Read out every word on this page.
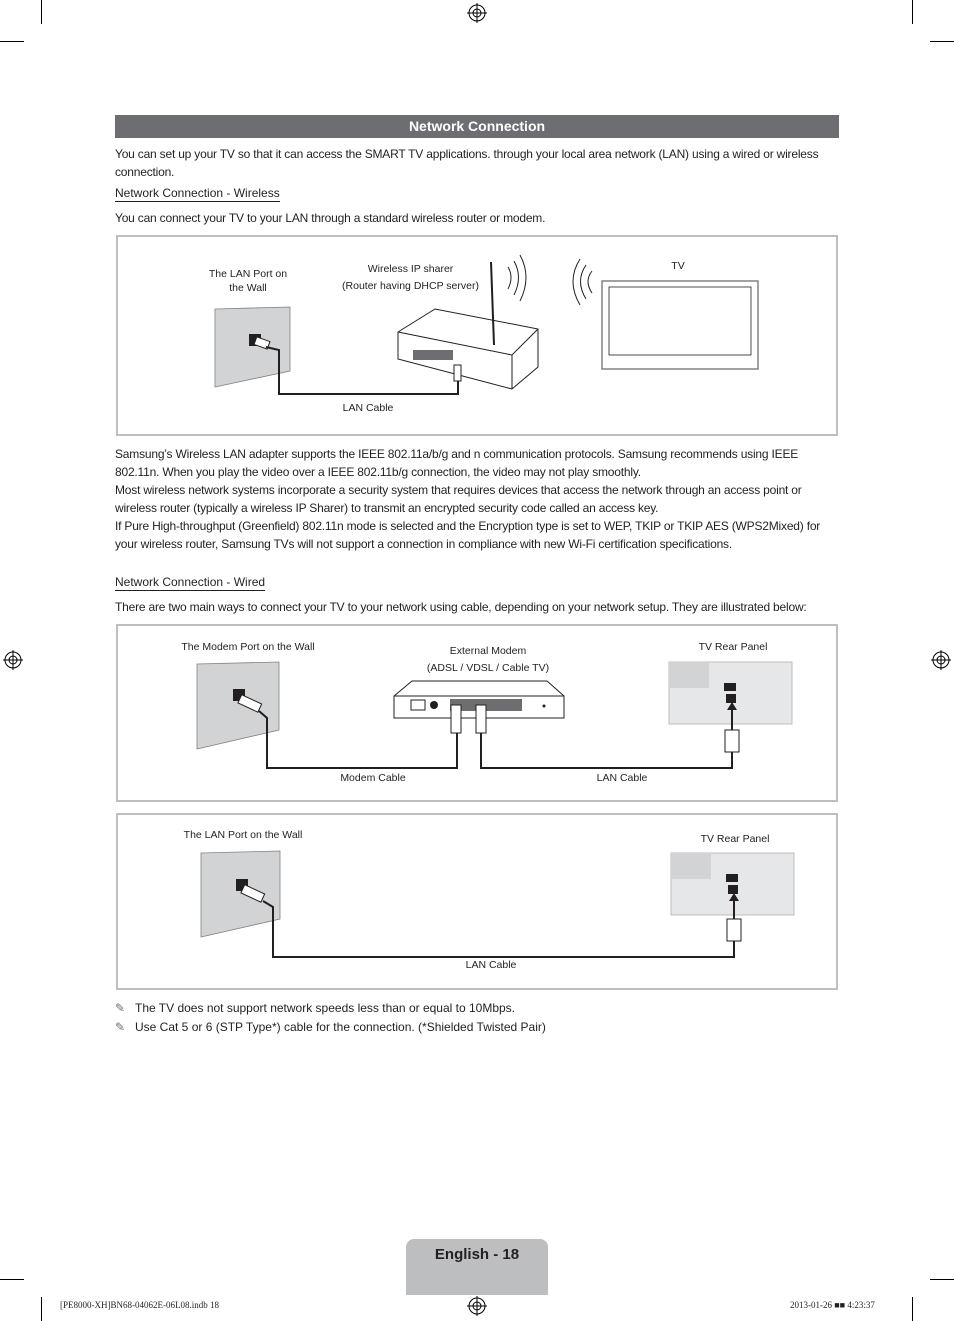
Network Connection
You can set up your TV so that it can access the SMART TV applications. through your local area network (LAN) using a wired or wireless connection.
Network Connection - Wireless
You can connect your TV to your LAN through a standard wireless router or modem.
The LAN Port on
the Wall
Wireless IP sharer
(Router having DHCP server)
TV
LAN Cable
Samsung’s Wireless LAN adapter supports the IEEE 802.11a/b/g and n communication protocols. Samsung recommends using IEEE 802.11n. When you play the video over a IEEE 802.11b/g connection, the video may not play smoothly.
Most wireless network systems incorporate a security system that requires devices that access the network through an access point or wireless router (typically a wireless IP Sharer) to transmit an encrypted security code called an access key.
If Pure High-throughput (Greenfield) 802.11n mode is selected and the Encryption type is set to WEP, TKIP or TKIP AES (WPS2Mixed) for your wireless router, Samsung TVs will not support a connection in compliance with new Wi-Fi certification specifications.
Network Connection - Wired
There are two main ways to connect your TV to your network using cable, depending on your network setup. They are illustrated below:
The Modem Port on the Wall	External Modem
(ADSL / VDSL / Cable TV)
TV Rear Panel
Modem Cable	LAN Cable
The LAN Port on the Wall	TV Rear Panel
LAN Cable
✎ The TV does not support network speeds less than or equal to 10Mbps.
✎ Use Cat 5 or 6 (STP Type*) cable for the connection. (*Shielded Twisted Pair)
English - 18
[PE8000-XH]BN68-04062E-06L08.indb 18	2013-01-26 ■■ 4:23:37
